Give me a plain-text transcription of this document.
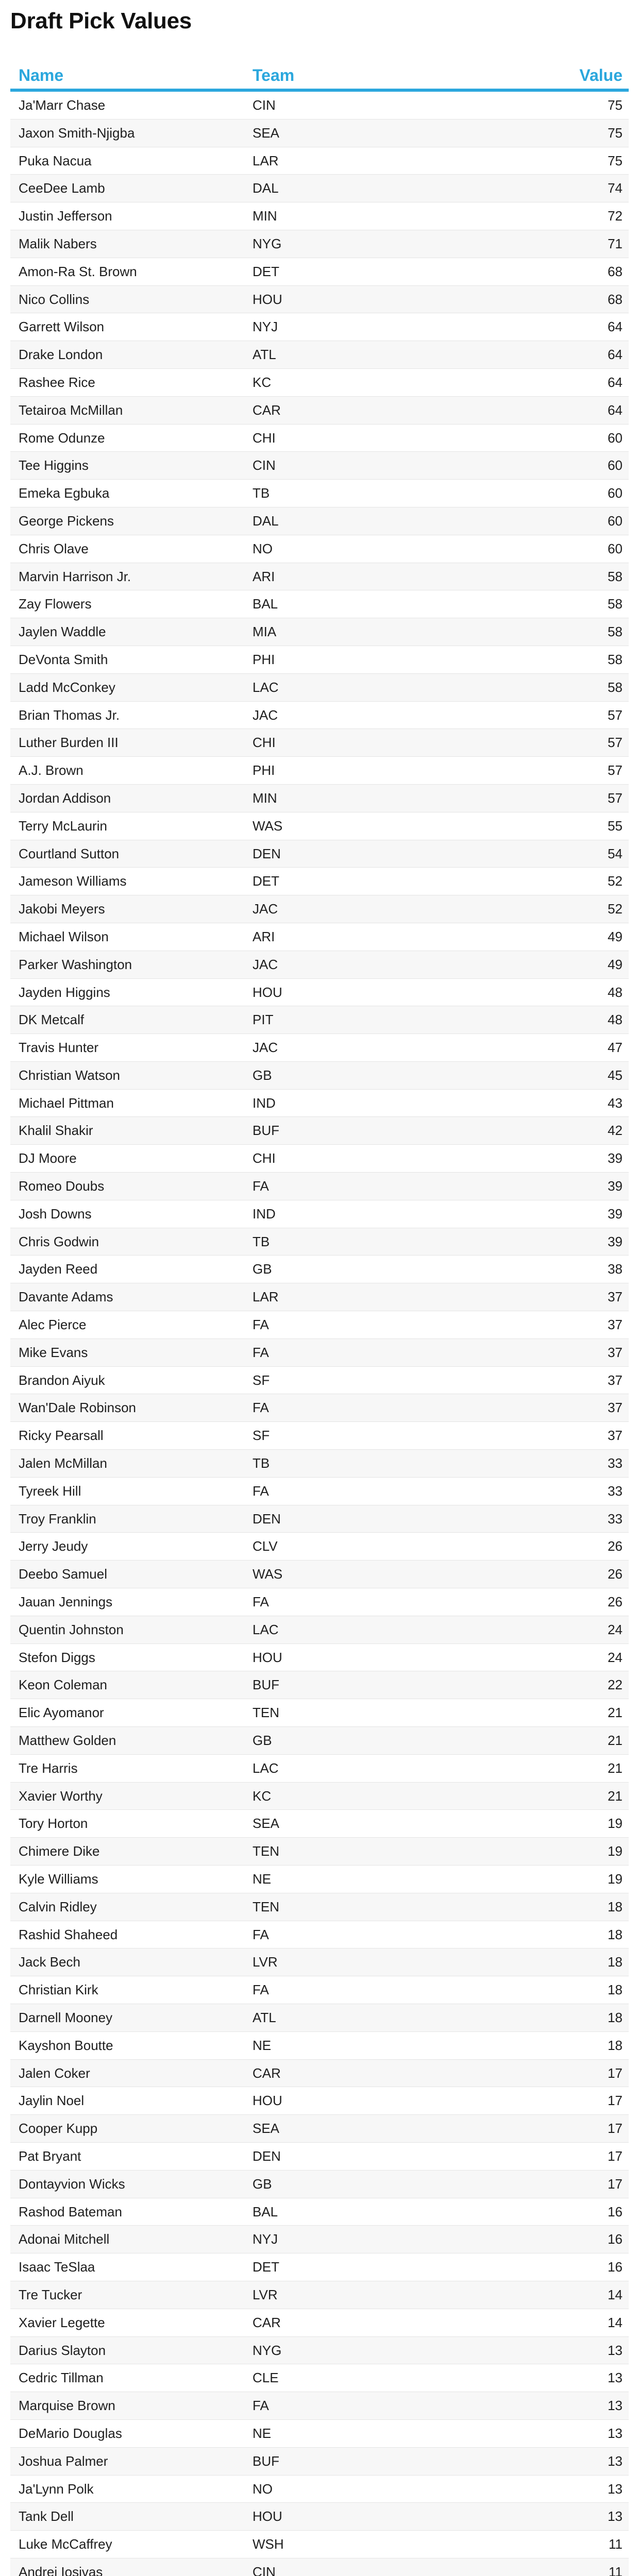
Draft Pick Values
Name	Team	Value
Ja'Marr Chase	CIN	75
Jaxon Smith-Njigba	SEA	75
Puka Nacua	LAR	75
CeeDee Lamb	DAL	74
Justin Jefferson	MIN	72
Malik Nabers	NYG	71
Amon-Ra St. Brown	DET	68
Nico Collins	HOU	68
Garrett Wilson	NYJ	64
Drake London	ATL	64
Rashee Rice	KC	64
Tetairoa McMillan	CAR	64
Rome Odunze	CHI	60
Tee Higgins	CIN	60
Emeka Egbuka	TB	60
George Pickens	DAL	60
Chris Olave	NO	60
Marvin Harrison Jr.	ARI	58
Zay Flowers	BAL	58
Jaylen Waddle	MIA	58
DeVonta Smith	PHI	58
Ladd McConkey	LAC	58
Brian Thomas Jr.	JAC	57
Luther Burden III	CHI	57
A.J. Brown	PHI	57
Jordan Addison	MIN	57
Terry McLaurin	WAS	55
Courtland Sutton	DEN	54
Jameson Williams	DET	52
Jakobi Meyers	JAC	52
Michael Wilson	ARI	49
Parker Washington	JAC	49
Jayden Higgins	HOU	48
DK Metcalf	PIT	48
Travis Hunter	JAC	47
Christian Watson	GB	45
Michael Pittman	IND	43
Khalil Shakir	BUF	42
DJ Moore	CHI	39
Romeo Doubs	FA	39
Josh Downs	IND	39
Chris Godwin	TB	39
Jayden Reed	GB	38
Davante Adams	LAR	37
Alec Pierce	FA	37
Mike Evans	FA	37
Brandon Aiyuk	SF	37
Wan'Dale Robinson	FA	37
Ricky Pearsall	SF	37
Jalen McMillan	TB	33
Tyreek Hill	FA	33
Troy Franklin	DEN	33
Jerry Jeudy	CLV	26
Deebo Samuel	WAS	26
Jauan Jennings	FA	26
Quentin Johnston	LAC	24
Stefon Diggs	HOU	24
Keon Coleman	BUF	22
Elic Ayomanor	TEN	21
Matthew Golden	GB	21
Tre Harris	LAC	21
Xavier Worthy	KC	21
Tory Horton	SEA	19
Chimere Dike	TEN	19
Kyle Williams	NE	19
Calvin Ridley	TEN	18
Rashid Shaheed	FA	18
Jack Bech	LVR	18
Christian Kirk	FA	18
Darnell Mooney	ATL	18
Kayshon Boutte	NE	18
Jalen Coker	CAR	17
Jaylin Noel	HOU	17
Cooper Kupp	SEA	17
Pat Bryant	DEN	17
Dontayvion Wicks	GB	17
Rashod Bateman	BAL	16
Adonai Mitchell	NYJ	16
Isaac TeSlaa	DET	16
Tre Tucker	LVR	14
Xavier Legette	CAR	14
Darius Slayton	NYG	13
Cedric Tillman	CLE	13
Marquise Brown	FA	13
DeMario Douglas	NE	13
Joshua Palmer	BUF	13
Ja'Lynn Polk	NO	13
Tank Dell	HOU	13
Luke McCaffrey	WSH	11
Andrei Iosivas	CIN	11
